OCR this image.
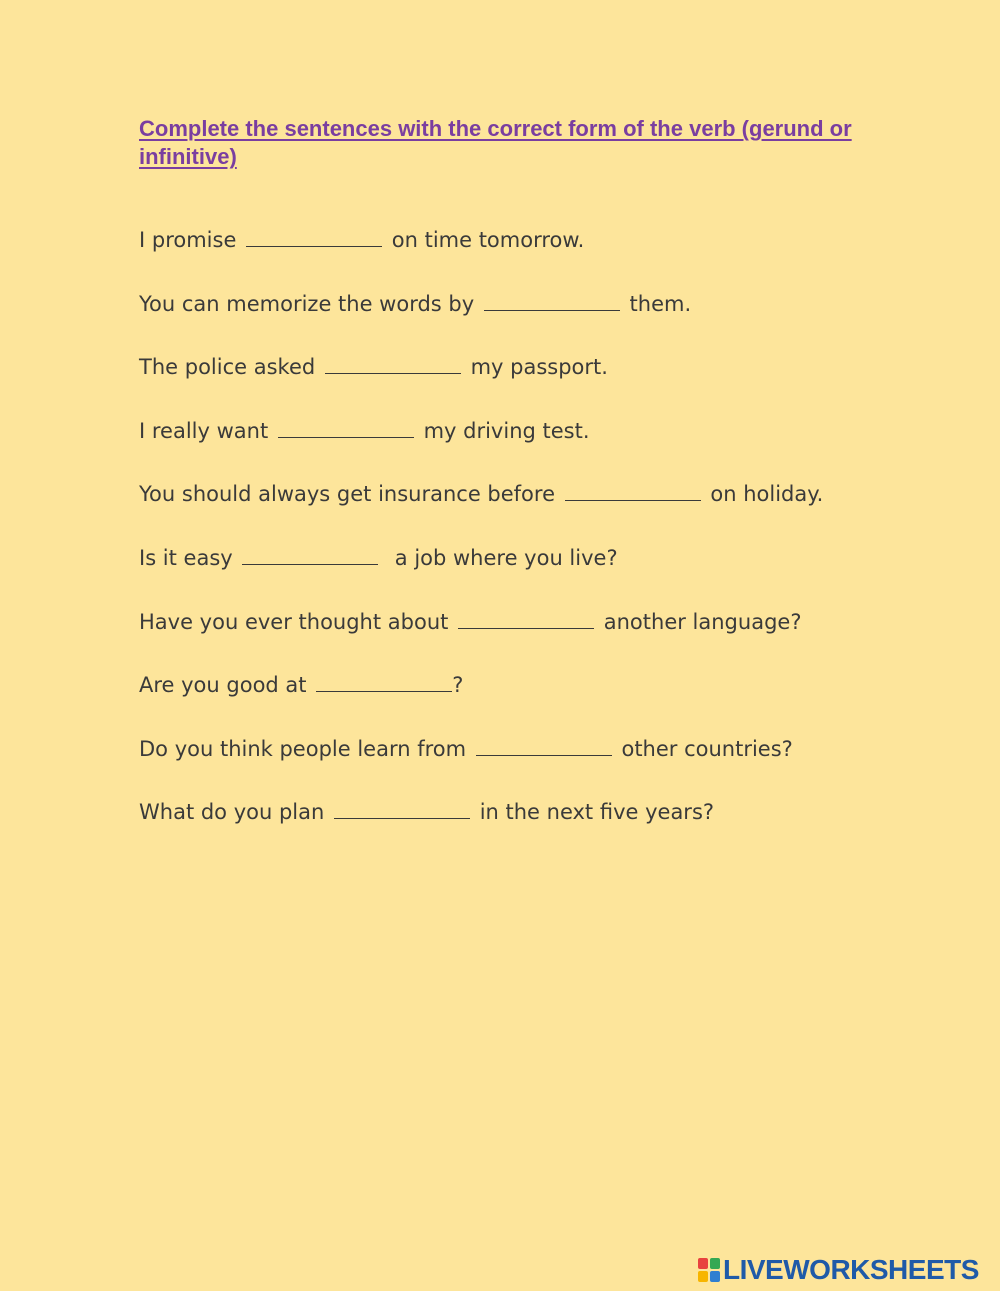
Complete the sentences with the correct form of the verb (gerund or infinitive)
I promise	on time tomorrow.
You can memorize the words by	them.
The police asked	my passport.
I really want	my driving test.
You should always get insurance before	on holiday.
Is it easy	a job where you live?
Have you ever thought about	another language?
Are you good at	?
Do you think people learn from	other countries?
What do you plan	in the next five years?
LIVEWORKSHEETS
